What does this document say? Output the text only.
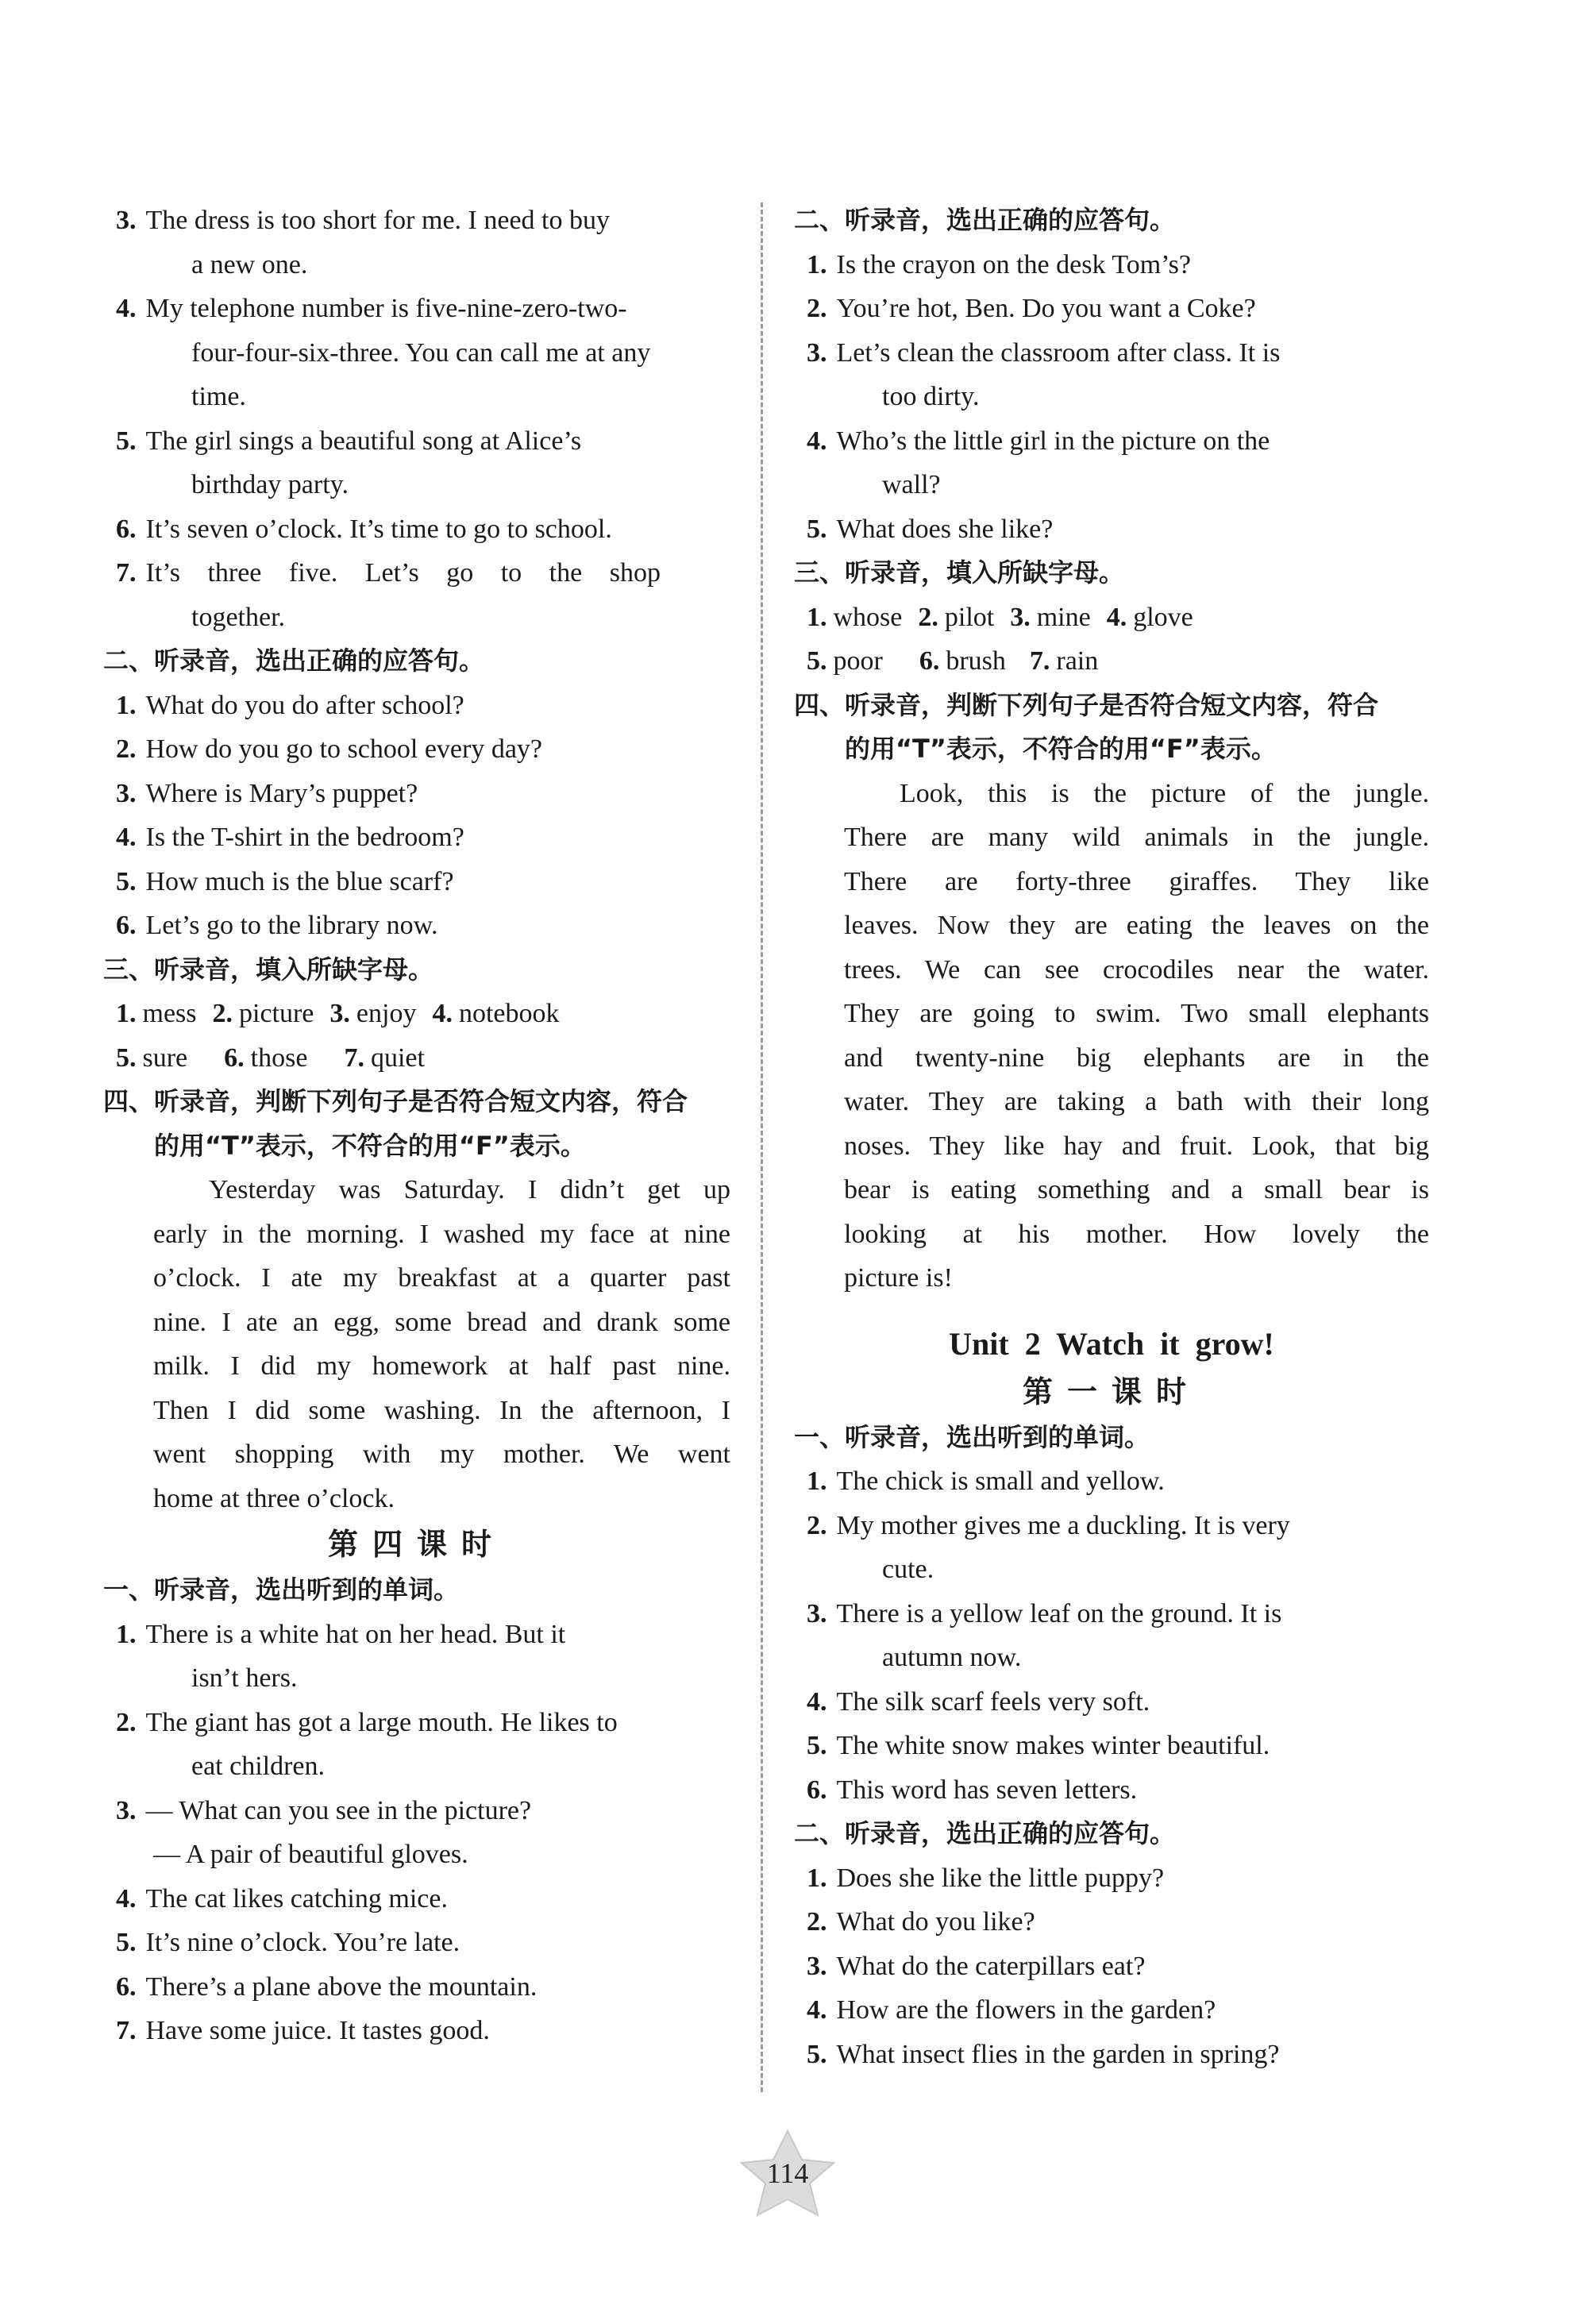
3. The dress is too short for me. I need to buy
a new one.
4. My telephone number is five-nine-zero-two-
four-four-six-three. You can call me at any
time.
5. The girl sings a beautiful song at Alice’s
birthday party.
6. It’s seven o’clock. It’s time to go to school.
7. It’s three five. Let’s go to the shop
together.
二、听录音，选出正确的应答句。
1. What do you do after school?
2. How do you go to school every day?
3. Where is Mary’s puppet?
4. Is the T-shirt in the bedroom?
5. How much is the blue scarf?
6. Let’s go to the library now.
三、听录音，填入所缺字母。
1. mess 2. picture 3. enjoy 4. notebook
5. sure 6. those 7. quiet
四、听录音，判断下列句子是否符合短文内容，符合
的用“T”表示，不符合的用“F”表示。
Yesterday was Saturday. I didn’t get up
early in the morning. I washed my face at nine
o’clock. I ate my breakfast at a quarter past
nine. I ate an egg, some bread and drank some
milk. I did my homework at half past nine.
Then I did some washing. In the afternoon, I
went shopping with my mother. We went
home at three o’clock.
第四课时
一、听录音，选出听到的单词。
1. There is a white hat on her head. But it
isn’t hers.
2. The giant has got a large mouth. He likes to
eat children.
3. — What can you see in the picture?
— A pair of beautiful gloves.
4. The cat likes catching mice.
5. It’s nine o’clock. You’re late.
6. There’s a plane above the mountain.
7. Have some juice. It tastes good.
二、听录音，选出正确的应答句。
1. Is the crayon on the desk Tom’s?
2. You’re hot, Ben. Do you want a Coke?
3. Let’s clean the classroom after class. It is
too dirty.
4. Who’s the little girl in the picture on the
wall?
5. What does she like?
三、听录音，填入所缺字母。
1. whose 2. pilot 3. mine 4. glove
5. poor 6. brush 7. rain
四、听录音，判断下列句子是否符合短文内容，符合
的用“T”表示，不符合的用“F”表示。
Look, this is the picture of the jungle.
There are many wild animals in the jungle.
There are forty-three giraffes. They like
leaves. Now they are eating the leaves on the
trees. We can see crocodiles near the water.
They are going to swim. Two small elephants
and twenty-nine big elephants are in the
water. They are taking a bath with their long
noses. They like hay and fruit. Look, that big
bear is eating something and a small bear is
looking at his mother. How lovely the
picture is!
Unit 2 Watch it grow!
第一课时
一、听录音，选出听到的单词。
1. The chick is small and yellow.
2. My mother gives me a duckling. It is very
cute.
3. There is a yellow leaf on the ground. It is
autumn now.
4. The silk scarf feels very soft.
5. The white snow makes winter beautiful.
6. This word has seven letters.
二、听录音，选出正确的应答句。
1. Does she like the little puppy?
2. What do you like?
3. What do the caterpillars eat?
4. How are the flowers in the garden?
5. What insect flies in the garden in spring?
114
